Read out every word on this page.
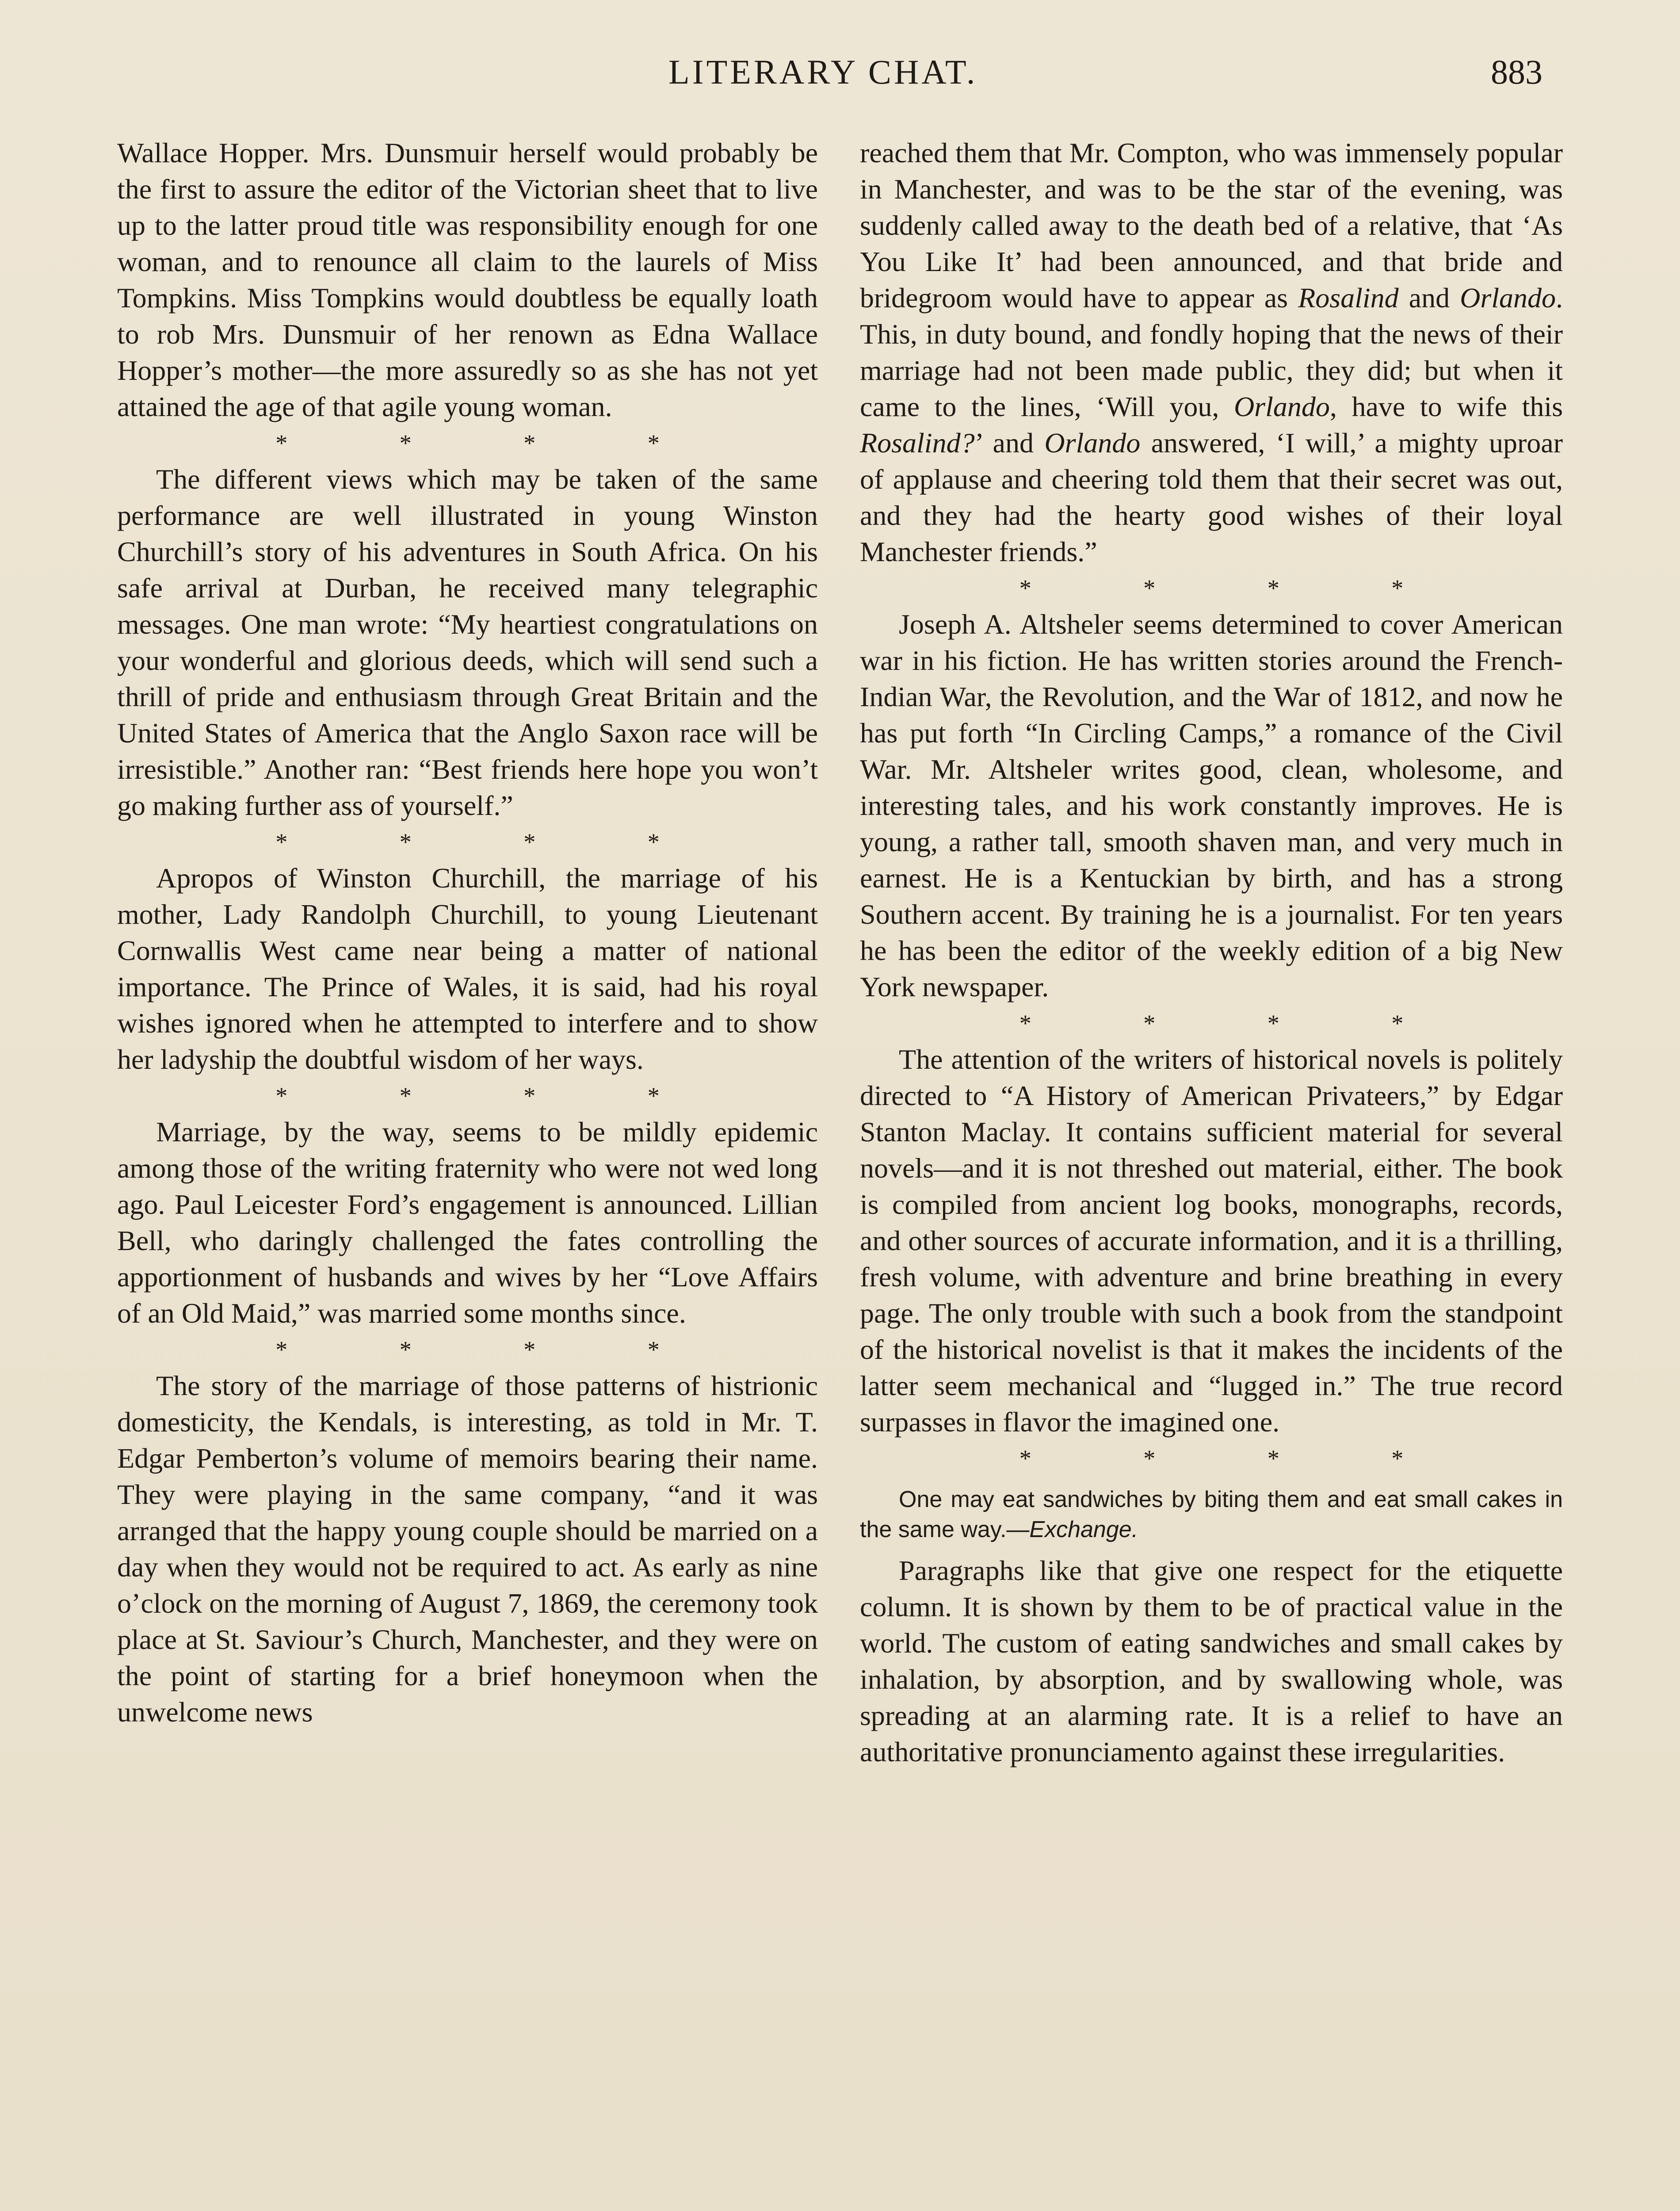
LITERARY CHAT.	883

Wallace Hopper. Mrs. Dunsmuir herself would probably be the first to assure the editor of the Victorian sheet that to live up to the latter proud title was responsibility enough for one woman, and to renounce all claim to the laurels of Miss Tompkins. Miss Tompkins would doubtless be equally loath to rob Mrs. Dunsmuir of her renown as Edna Wallace Hopper’s mother—the more assuredly so as she has not yet attained the age of that agile young woman.

* * * *

The different views which may be taken of the same performance are well illustrated in young Winston Churchill’s story of his adventures in South Africa. On his safe arrival at Durban, he received many telegraphic messages. One man wrote: “My heartiest congratulations on your wonderful and glorious deeds, which will send such a thrill of pride and enthusiasm through Great Britain and the United States of America that the Anglo Saxon race will be irresistible.” Another ran: “Best friends here hope you won’t go making further ass of yourself.”

* * * *

Apropos of Winston Churchill, the marriage of his mother, Lady Randolph Churchill, to young Lieutenant Cornwallis West came near being a matter of national importance. The Prince of Wales, it is said, had his royal wishes ignored when he attempted to interfere and to show her ladyship the doubtful wisdom of her ways.

* * * *

Marriage, by the way, seems to be mildly epidemic among those of the writing fraternity who were not wed long ago. Paul Leicester Ford’s engagement is announced. Lillian Bell, who daringly challenged the fates controlling the apportionment of husbands and wives by her “Love Affairs of an Old Maid,” was married some months since.

* * * *

The story of the marriage of those patterns of histrionic domesticity, the Kendals, is interesting, as told in Mr. T. Edgar Pemberton’s volume of memoirs bearing their name. They were playing in the same company, “and it was arranged that the happy young couple should be married on a day when they would not be required to act. As early as nine o’clock on the morning of August 7, 1869, the ceremony took place at St. Saviour’s Church, Manchester, and they were on the point of starting for a brief honeymoon when the unwelcome news

reached them that Mr. Compton, who was immensely popular in Manchester, and was to be the star of the evening, was suddenly called away to the death bed of a relative, that ‘As You Like It’ had been announced, and that bride and bridegroom would have to appear as Rosalind and Orlando. This, in duty bound, and fondly hoping that the news of their marriage had not been made public, they did; but when it came to the lines, ‘Will you, Orlando, have to wife this Rosalind?’ and Orlando answered, ‘I will,’ a mighty uproar of applause and cheering told them that their secret was out, and they had the hearty good wishes of their loyal Manchester friends.”

* * * *

Joseph A. Altsheler seems determined to cover American war in his fiction. He has written stories around the French-Indian War, the Revolution, and the War of 1812, and now he has put forth “In Circling Camps,” a romance of the Civil War. Mr. Altsheler writes good, clean, wholesome, and interesting tales, and his work constantly improves. He is young, a rather tall, smooth shaven man, and very much in earnest. He is a Kentuckian by birth, and has a strong Southern accent. By training he is a journalist. For ten years he has been the editor of the weekly edition of a big New York newspaper.

* * * *

The attention of the writers of historical novels is politely directed to “A History of American Privateers,” by Edgar Stanton Maclay. It contains sufficient material for several novels—and it is not threshed out material, either. The book is compiled from ancient log books, monographs, records, and other sources of accurate information, and it is a thrilling, fresh volume, with adventure and brine breathing in every page. The only trouble with such a book from the standpoint of the historical novelist is that it makes the incidents of the latter seem mechanical and “lugged in.” The true record surpasses in flavor the imagined one.

* * * *

One may eat sandwiches by biting them and eat small cakes in the same way.—Exchange.

Paragraphs like that give one respect for the etiquette column. It is shown by them to be of practical value in the world. The custom of eating sandwiches and small cakes by inhalation, by absorption, and by swallowing whole, was spreading at an alarming rate. It is a relief to have an authoritative pronunciamento against these irregularities.
